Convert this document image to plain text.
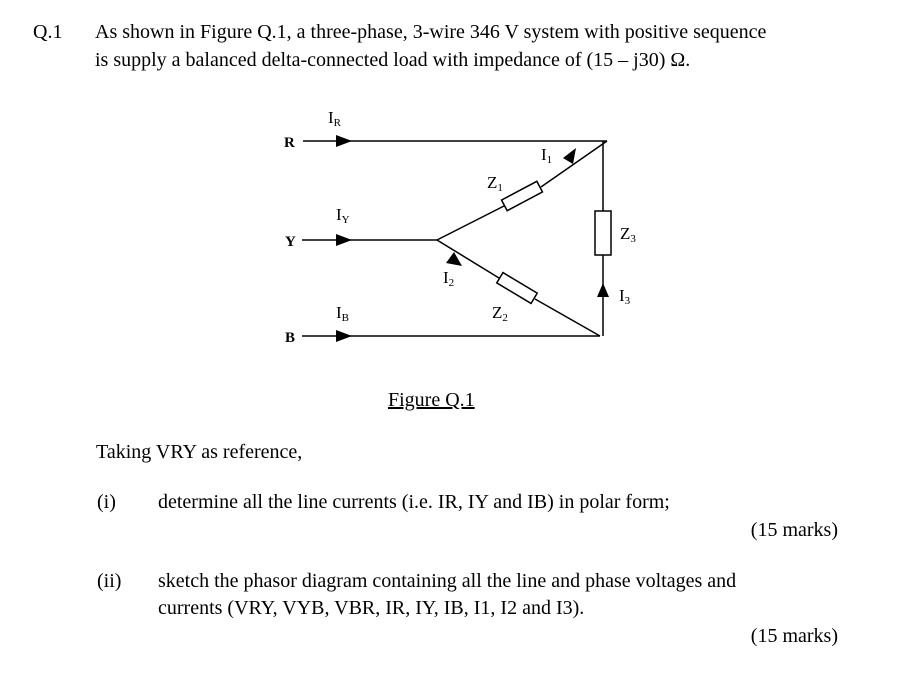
Q.1 As shown in Figure Q.1, a three-phase, 3-wire 346 V system with positive sequence
is supply a balanced delta-connected load with impedance of (15 – j30) Ω.
R
Y
B
IR
IY
IB
I1
I2
I3
Z1
Z2
Z3
Figure Q.1
Taking VRY as reference,
(i) determine all the line currents (i.e. IR, IY and IB) in polar form;
(15 marks)
(ii) sketch the phasor diagram containing all the line and phase voltages and
currents (VRY, VYB, VBR, IR, IY, IB, I1, I2 and I3).
(15 marks)
